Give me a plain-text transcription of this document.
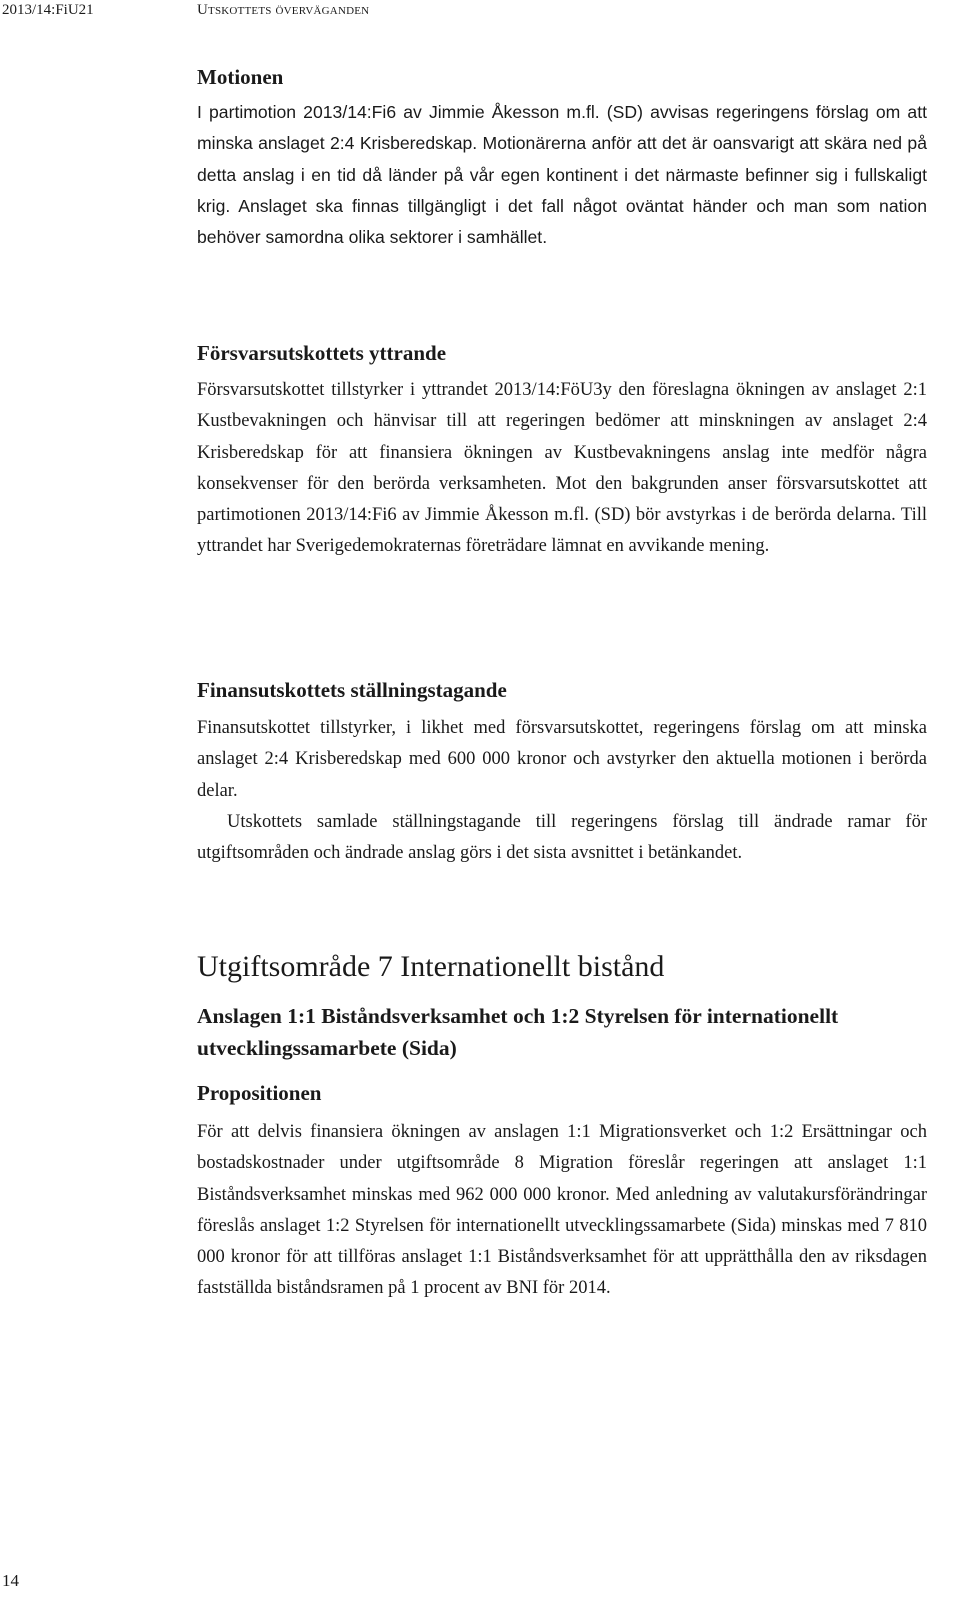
2013/14:FiU21	Utskottets överväganden
Motionen

I partimotion 2013/14:Fi6 av Jimmie Åkesson m.fl. (SD) avvisas regeringens förslag om att minska anslaget 2:4 Krisberedskap. Motionärerna anför att det är oansvarigt att skära ned på detta anslag i en tid då länder på vår egen kontinent i det närmaste befinner sig i fullskaligt krig. Anslaget ska finnas tillgängligt i det fall något oväntat händer och man som nation behöver samordna olika sektorer i samhället.

Försvarsutskottets yttrande

Försvarsutskottet tillstyrker i yttrandet 2013/14:FöU3y den föreslagna ökningen av anslaget 2:1 Kustbevakningen och hänvisar till att regeringen bedömer att minskningen av anslaget 2:4 Krisberedskap för att finansiera ökningen av Kustbevakningens anslag inte medför några konsekvenser för den berörda verksamheten. Mot den bakgrunden anser försvarsutskottet att partimotionen 2013/14:Fi6 av Jimmie Åkesson m.fl. (SD) bör avstyrkas i de berörda delarna. Till yttrandet har Sverigedemokraternas företrädare lämnat en avvikande mening.

Finansutskottets ställningstagande

Finansutskottet tillstyrker, i likhet med försvarsutskottet, regeringens förslag om att minska anslaget 2:4 Krisberedskap med 600 000 kronor och avstyrker den aktuella motionen i berörda delar.

Utskottets samlade ställningstagande till regeringens förslag till ändrade ramar för utgiftsområden och ändrade anslag görs i det sista avsnittet i betänkandet.

Utgiftsområde 7 Internationellt bistånd
Anslagen 1:1 Biståndsverksamhet och 1:2 Styrelsen för internationellt utvecklingssamarbete (Sida)
Propositionen

För att delvis finansiera ökningen av anslagen 1:1 Migrationsverket och 1:2 Ersättningar och bostadskostnader under utgiftsområde 8 Migration föreslår regeringen att anslaget 1:1 Biståndsverksamhet minskas med 962 000 000 kronor. Med anledning av valutakursförändringar föreslås anslaget 1:2 Styrelsen för internationellt utvecklingssamarbete (Sida) minskas med 7 810 000 kronor för att tillföras anslaget 1:1 Biståndsverksamhet för att upprätthålla den av riksdagen fastställda biståndsramen på 1 procent av BNI för 2014.

14
